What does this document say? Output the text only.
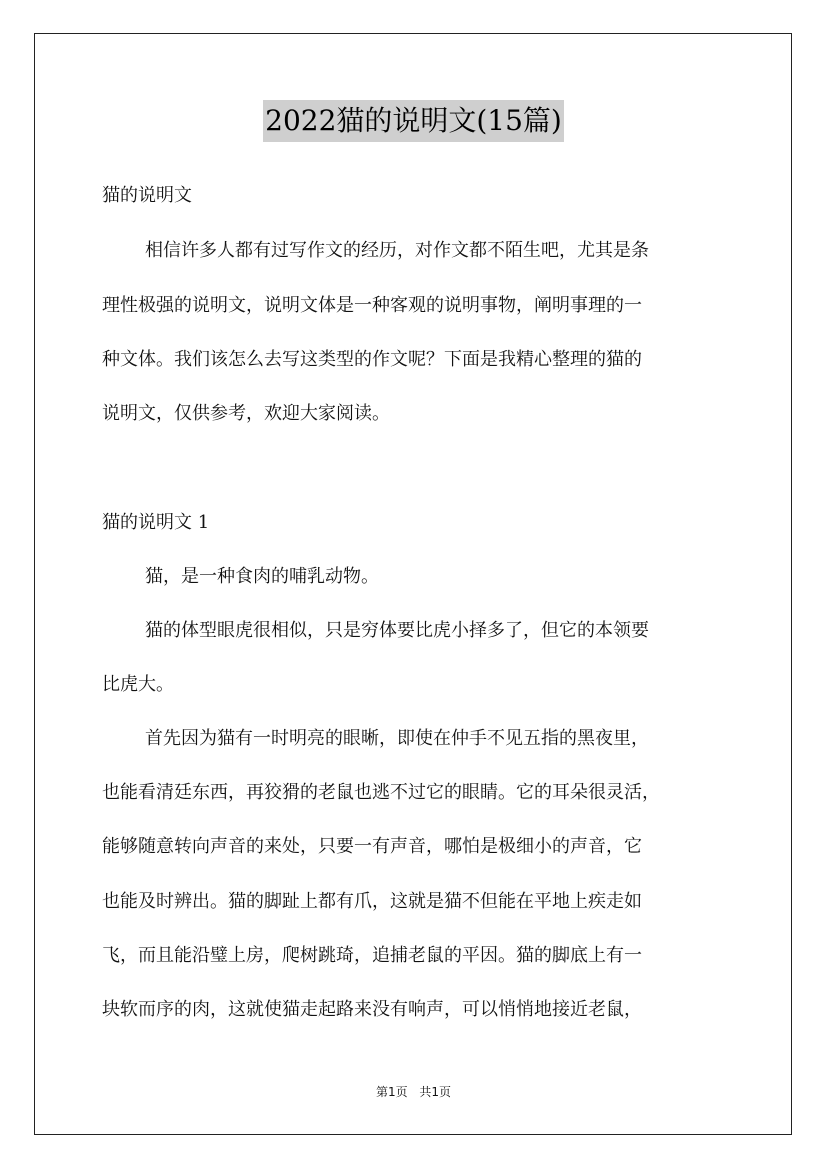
2022猫的说明文(15篇)
猫的说明文
相信许多人都有过写作文的经历，对作文都不陌生吧，尤其是条
理性极强的说明文，说明文体是一种客观的说明事物，阐明事理的一
种文体。我们该怎么去写这类型的作文呢？下面是我精心整理的猫的
说明文，仅供参考，欢迎大家阅读。
猫的说明文 1
猫，是一种食肉的哺乳动物。
猫的体型眼虎很相似，只是穷体要比虎小择多了，但它的本领要
比虎大。
首先因为猫有一时明亮的眼晰，即使在仲手不见五指的黑夜里，
也能看清廷东西，再狡猾的老鼠也逃不过它的眼睛。它的耳朵很灵活，
能够随意转向声音的来处，只要一有声音，哪怕是极细小的声音，它
也能及时辨出。猫的脚趾上都有爪，这就是猫不但能在平地上疾走如
飞，而且能沿璧上房，爬树跳琦，追捕老鼠的平因。猫的脚底上有一
块软而序的肉，这就使猫走起路来没有响声，可以悄悄地接近老鼠，
第1页 共1页
